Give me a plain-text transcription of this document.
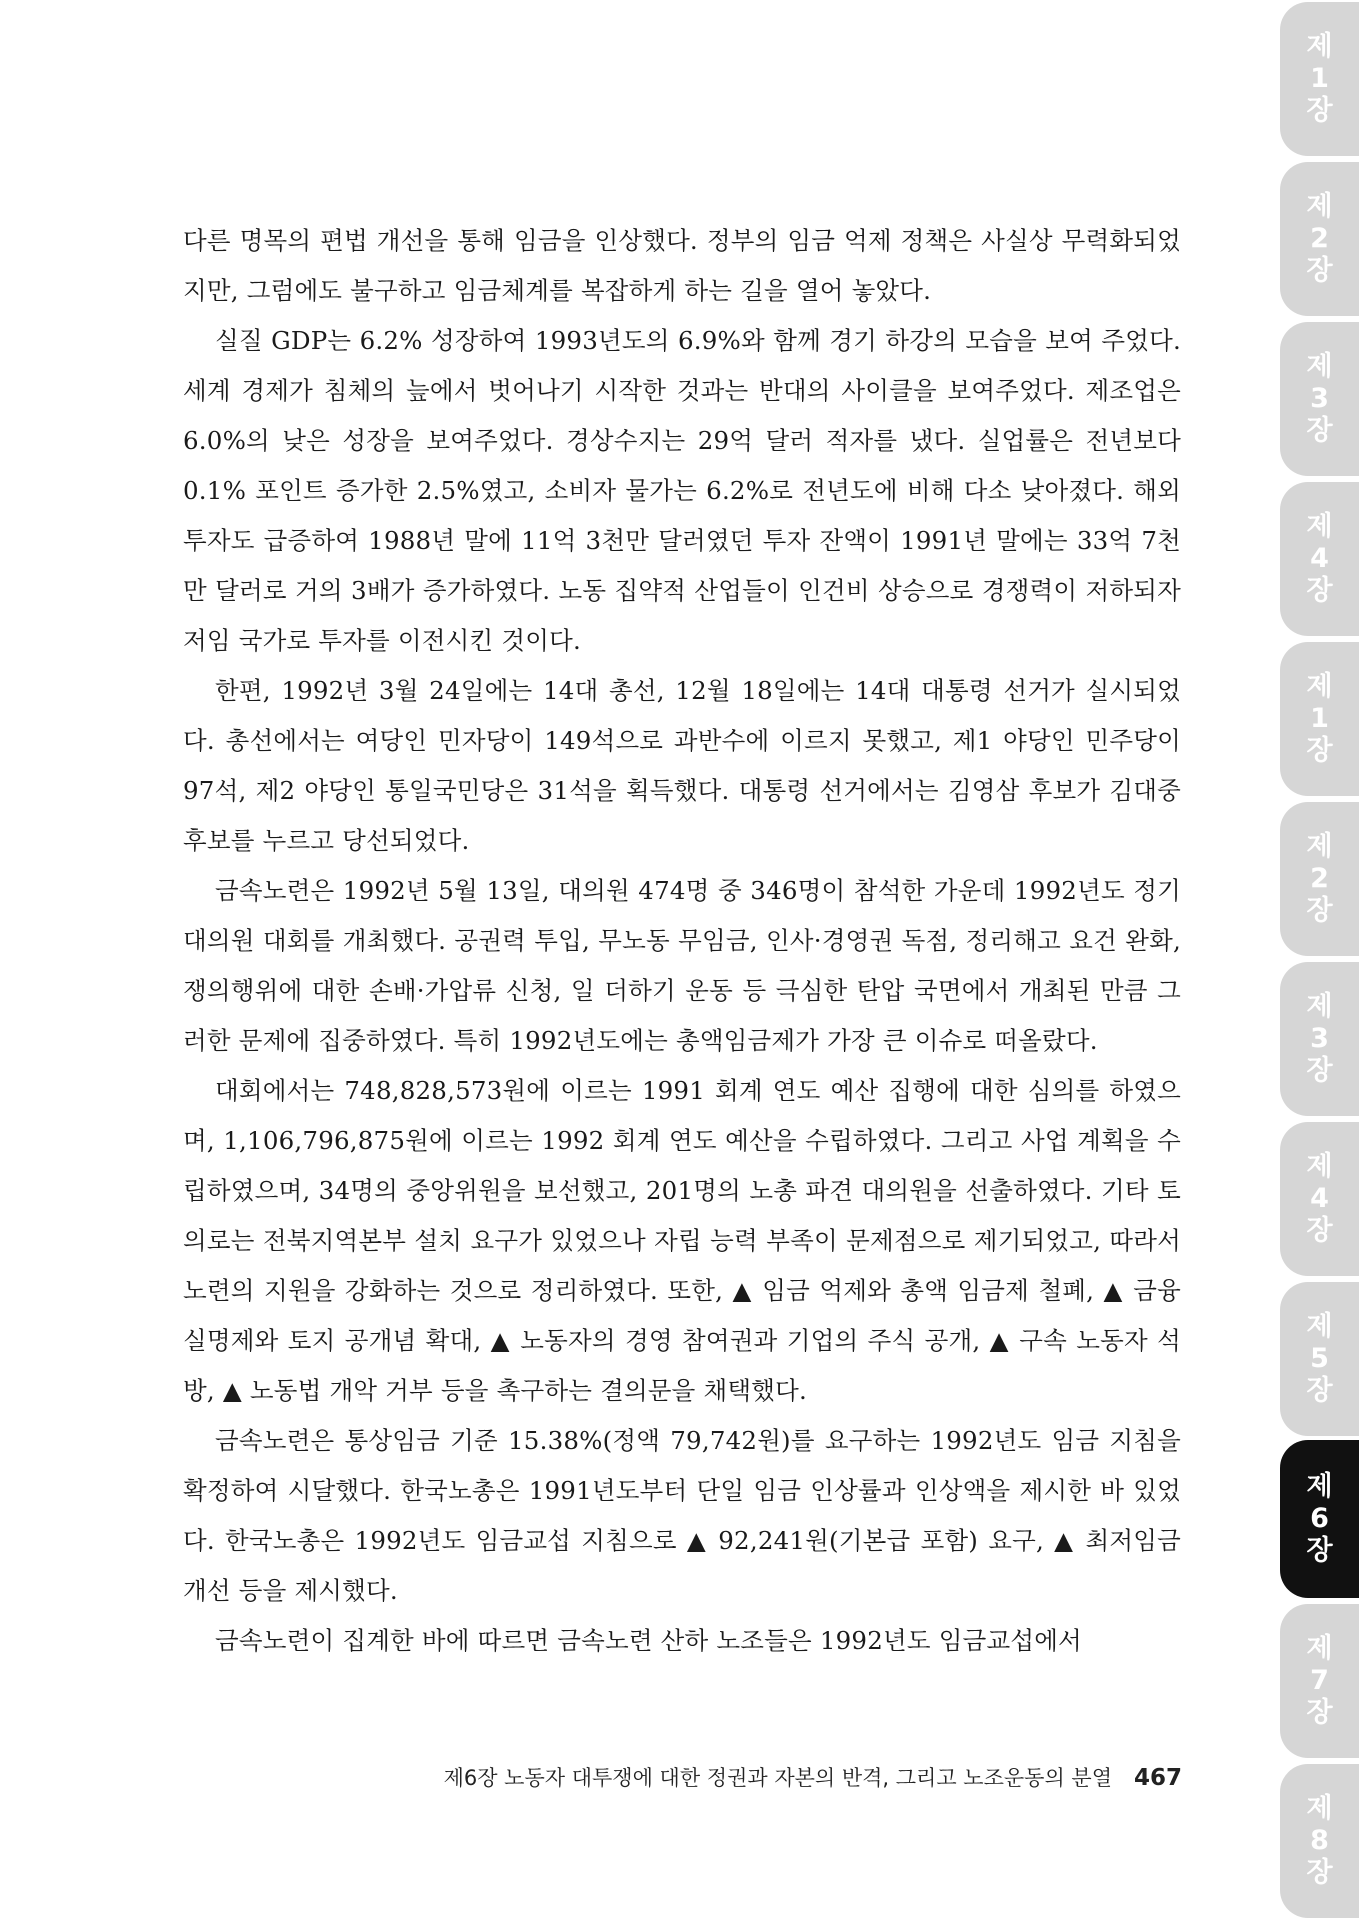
다른 명목의 편법 개선을 통해 임금을 인상했다. 정부의 임금 억제 정책은 사실상 무력화되었지만, 그럼에도 불구하고 임금체계를 복잡하게 하는 길을 열어 놓았다.

실질 GDP는 6.2% 성장하여 1993년도의 6.9%와 함께 경기 하강의 모습을 보여 주었다. 세계 경제가 침체의 늪에서 벗어나기 시작한 것과는 반대의 사이클을 보여주었다. 제조업은 6.0%의 낮은 성장을 보여주었다. 경상수지는 29억 달러 적자를 냈다. 실업률은 전년보다 0.1% 포인트 증가한 2.5%였고, 소비자 물가는 6.2%로 전년도에 비해 다소 낮아졌다. 해외 투자도 급증하여 1988년 말에 11억 3천만 달러였던 투자 잔액이 1991년 말에는 33억 7천만 달러로 거의 3배가 증가하였다. 노동 집약적 산업들이 인건비 상승으로 경쟁력이 저하되자 저임 국가로 투자를 이전시킨 것이다.

한편, 1992년 3월 24일에는 14대 총선, 12월 18일에는 14대 대통령 선거가 실시되었다. 총선에서는 여당인 민자당이 149석으로 과반수에 이르지 못했고, 제1 야당인 민주당이 97석, 제2 야당인 통일국민당은 31석을 획득했다. 대통령 선거에서는 김영삼 후보가 김대중 후보를 누르고 당선되었다.

금속노련은 1992년 5월 13일, 대의원 474명 중 346명이 참석한 가운데 1992년도 정기대의원 대회를 개최했다. 공권력 투입, 무노동 무임금, 인사·경영권 독점, 정리해고 요건 완화, 쟁의행위에 대한 손배·가압류 신청, 일 더하기 운동 등 극심한 탄압 국면에서 개최된 만큼 그러한 문제에 집중하였다. 특히 1992년도에는 총액임금제가 가장 큰 이슈로 떠올랐다.

대회에서는 748,828,573원에 이르는 1991 회계 연도 예산 집행에 대한 심의를 하였으며, 1,106,796,875원에 이르는 1992 회계 연도 예산을 수립하였다. 그리고 사업 계획을 수립하였으며, 34명의 중앙위원을 보선했고, 201명의 노총 파견 대의원을 선출하였다. 기타 토의로는 전북지역본부 설치 요구가 있었으나 자립 능력 부족이 문제점으로 제기되었고, 따라서 노련의 지원을 강화하는 것으로 정리하였다. 또한, ▲ 임금 억제와 총액 임금제 철폐, ▲ 금융 실명제와 토지 공개념 확대, ▲ 노동자의 경영 참여권과 기업의 주식 공개, ▲ 구속 노동자 석방, ▲ 노동법 개악 거부 등을 촉구하는 결의문을 채택했다.

금속노련은 통상임금 기준 15.38%(정액 79,742원)를 요구하는 1992년도 임금 지침을 확정하여 시달했다. 한국노총은 1991년도부터 단일 임금 인상률과 인상액을 제시한 바 있었다. 한국노총은 1992년도 임금교섭 지침으로 ▲ 92,241원(기본급 포함) 요구, ▲ 최저임금 개선 등을 제시했다.

금속노련이 집계한 바에 따르면 금속노련 산하 노조들은 1992년도 임금교섭에서

제6장 노동자 대투쟁에 대한 정권과 자본의 반격, 그리고 노조운동의 분열 467
제
1
장
제
2
장
제
3
장
제
4
장
제
1
장
제
2
장
제
3
장
제
4
장
제
5
장
제
6
장
제
7
장
제
8
장
